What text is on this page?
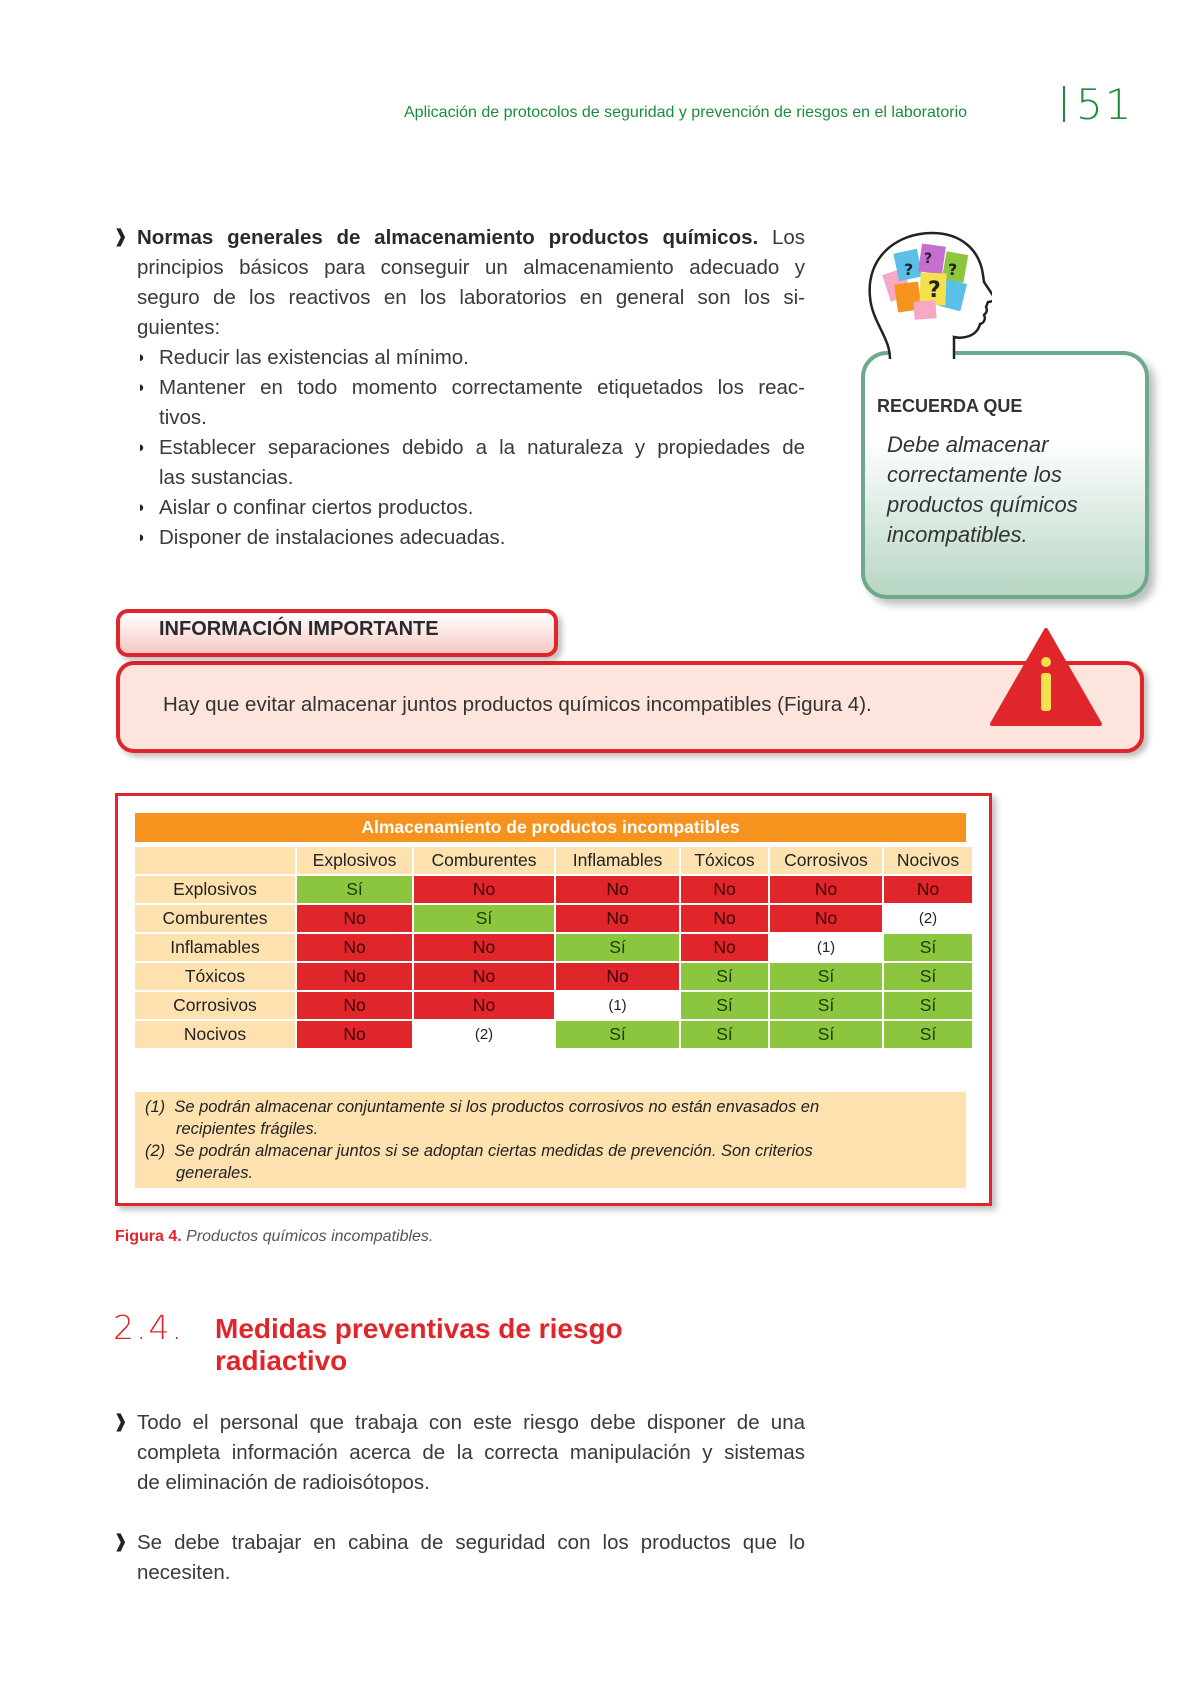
Aplicación de protocolos de seguridad y prevención de riesgos en el laboratorio	51
❱ Normas generales de almacenamiento productos químicos. Los
principios básicos para conseguir un almacenamiento adecuado y
seguro de los reactivos en los laboratorios en general son los si-
guientes:
◗ Reducir las existencias al mínimo.
◗ Mantener en todo momento correctamente etiquetados los reac-
tivos.
◗ Establecer separaciones debido a la naturaleza y propiedades de
las sustancias.
◗ Aislar o confinar ciertos productos.
◗ Disponer de instalaciones adecuadas.
?
? ?
?
RECUERDA QUE
Debe almacenar
correctamente los
productos químicos
incompatibles.
INFORMACIÓN IMPORTANTE
Hay que evitar almacenar juntos productos químicos incompatibles (Figura 4).
Almacenamiento de productos incompatibles
	Explosivos	Comburentes	Inflamables	Tóxicos	Corrosivos	Nocivos
Explosivos	Sí	No	No	No	No	No
Comburentes	No	Sí	No	No	No	(2)
Inflamables	No	No	Sí	No	(1)	Sí
Tóxicos	No	No	No	Sí	Sí	Sí
Corrosivos	No	No	(1)	Sí	Sí	Sí
Nocivos	No	(2)	Sí	Sí	Sí	Sí
(1) Se podrán almacenar conjuntamente si los productos corrosivos no están envasados en
recipientes frágiles.
(2) Se podrán almacenar juntos si se adoptan ciertas medidas de prevención. Son criterios
generales.
Figura 4. Productos químicos incompatibles.
2.4. Medidas preventivas de riesgo
radiactivo
❱ Todo el personal que trabaja con este riesgo debe disponer de una
completa información acerca de la correcta manipulación y sistemas
de eliminación de radioisótopos.
❱ Se debe trabajar en cabina de seguridad con los productos que lo
necesiten.
